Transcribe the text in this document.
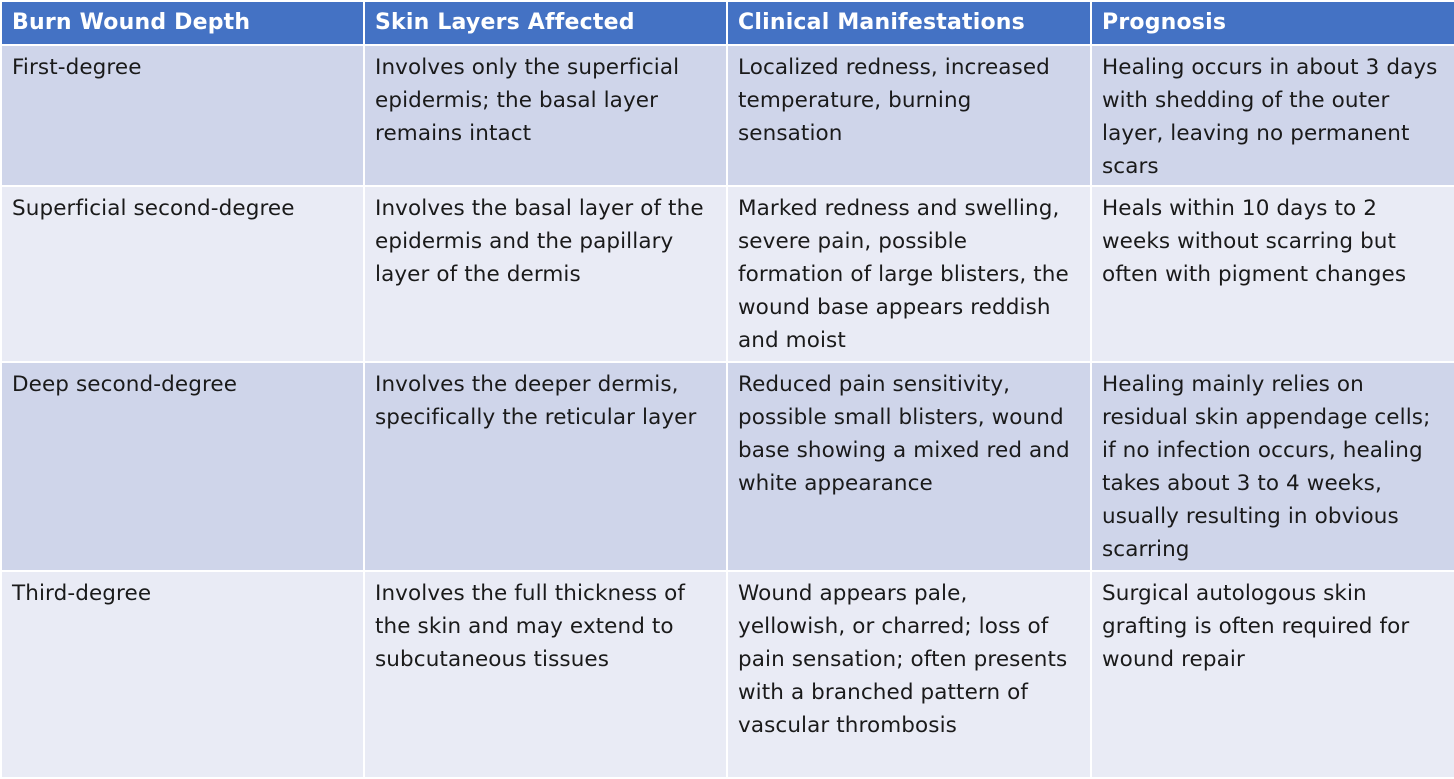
Burn Wound Depth	Skin Layers Affected	Clinical Manifestations	Prognosis
First-degree	Involves only the superficial epidermis; the basal layer remains intact	Localized redness, increased temperature, burning sensation	Healing occurs in about 3 days with shedding of the outer layer, leaving no permanent scars
Superficial second-degree	Involves the basal layer of the epidermis and the papillary layer of the dermis	Marked redness and swelling, severe pain, possible formation of large blisters, the wound base appears reddish and moist	Heals within 10 days to 2 weeks without scarring but often with pigment changes
Deep second-degree	Involves the deeper dermis, specifically the reticular layer	Reduced pain sensitivity, possible small blisters, wound base showing a mixed red and white appearance	Healing mainly relies on residual skin appendage cells; if no infection occurs, healing takes about 3 to 4 weeks, usually resulting in obvious scarring
Third-degree	Involves the full thickness of the skin and may extend to subcutaneous tissues	Wound appears pale, yellowish, or charred; loss of pain sensation; often presents with a branched pattern of vascular thrombosis	Surgical autologous skin grafting is often required for wound repair
